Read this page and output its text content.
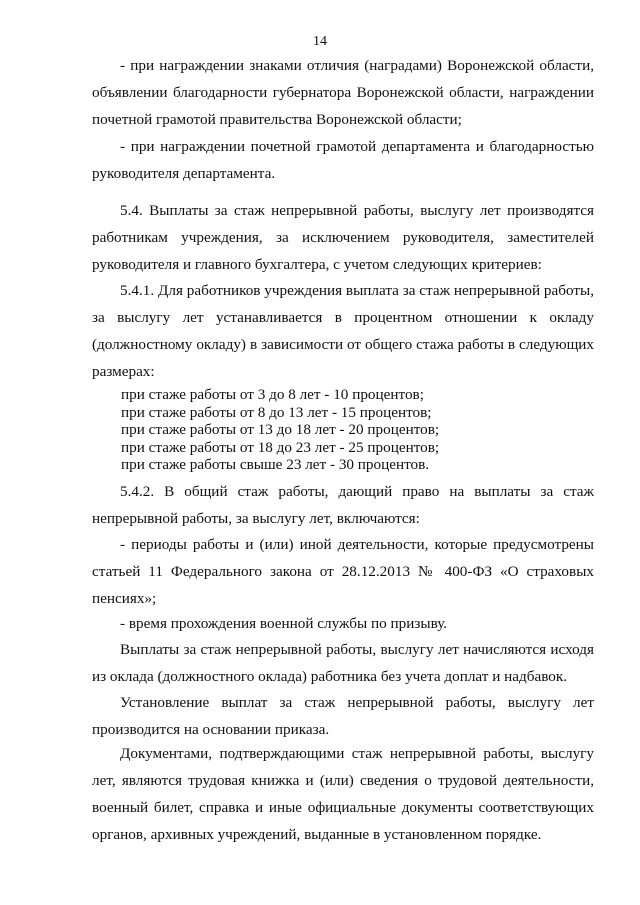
14

- при награждении знаками отличия (наградами) Воронежской области, объявлении благодарности губернатора Воронежской области, награждении почетной грамотой правительства Воронежской области;

- при награждении почетной грамотой департамента и благодарностью руководителя департамента.

5.4. Выплаты за стаж непрерывной работы, выслугу лет производятся работникам учреждения, за исключением руководителя, заместителей руководителя и главного бухгалтера, с учетом следующих критериев:

5.4.1. Для работников учреждения выплата за стаж непрерывной работы, за выслугу лет устанавливается в процентном отношении к окладу (должностному окладу) в зависимости от общего стажа работы в следующих размерах:

при стаже работы от 3 до 8 лет - 10 процентов;
при стаже работы от 8 до 13 лет - 15 процентов;
при стаже работы от 13 до 18 лет - 20 процентов;
при стаже работы от 18 до 23 лет - 25 процентов;
при стаже работы свыше 23 лет - 30 процентов.

5.4.2. В общий стаж работы, дающий право на выплаты за стаж непрерывной работы, за выслугу лет, включаются:

- периоды работы и (или) иной деятельности, которые предусмотрены статьей 11 Федерального закона от 28.12.2013 № 400-ФЗ «О страховых пенсиях»;

- время прохождения военной службы по призыву.

Выплаты за стаж непрерывной работы, выслугу лет начисляются исходя из оклада (должностного оклада) работника без учета доплат и надбавок.

Установление выплат за стаж непрерывной работы, выслугу лет производится на основании приказа.

Документами, подтверждающими стаж непрерывной работы, выслугу лет, являются трудовая книжка и (или) сведения о трудовой деятельности, военный билет, справка и иные официальные документы соответствующих органов, архивных учреждений, выданные в установленном порядке.
